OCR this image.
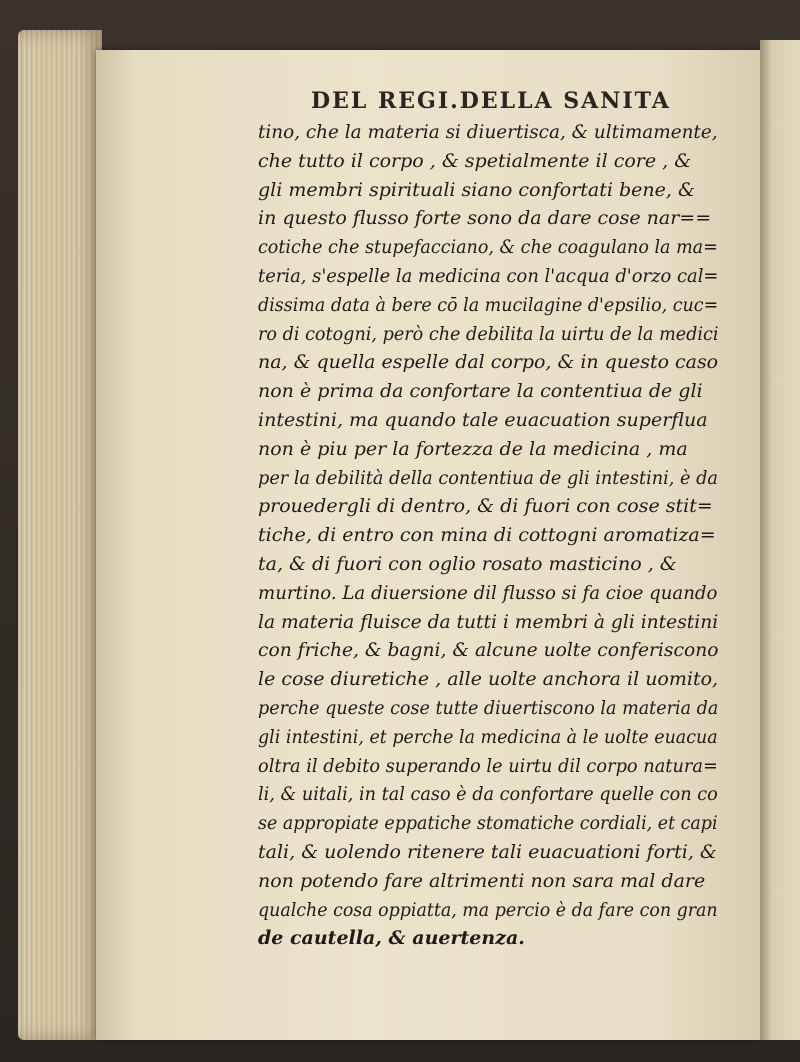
DEL REGI.DELLA SANITA
tino, che la materia si diuertisca, & ultimamente,
che tutto il corpo , & spetialmente il core , &
gli membri spirituali siano confortati bene, &
in questo flusso forte sono da dare cose nar==
cotiche che stupefacciano, & che coagulano la ma=
teria, s'espelle la medicina con l'acqua d'orzo cal=
dissima data à bere cō la mucilagine d'epsilio, cuc=
ro di cotogni, però che debilita la uirtu de la medici
na, & quella espelle dal corpo, & in questo caso
non è prima da confortare la contentiua de gli
intestini, ma quando tale euacuation superflua
non è piu per la fortezza de la medicina , ma
per la debilità della contentiua de gli intestini, è da
prouedergli di dentro, & di fuori con cose stit=
tiche, di entro con mina di cottogni aromatiza=
ta, & di fuori con oglio rosato masticino , &
murtino. La diuersione dil flusso si fa cioe quando
la materia fluisce da tutti i membri à gli intestini
con friche, & bagni, & alcune uolte conferiscono
le cose diuretiche , alle uolte anchora il uomito,
perche queste cose tutte diuertiscono la materia da
gli intestini, et perche la medicina à le uolte euacua
oltra il debito superando le uirtu dil corpo natura=
li, & uitali, in tal caso è da confortare quelle con co
se appropiate eppatiche stomatiche cordiali, et capi
tali, & uolendo ritenere tali euacuationi forti, &
non potendo fare altrimenti non sara mal dare
qualche cosa oppiatta, ma percio è da fare con gran
de cautella, & auertenza.
